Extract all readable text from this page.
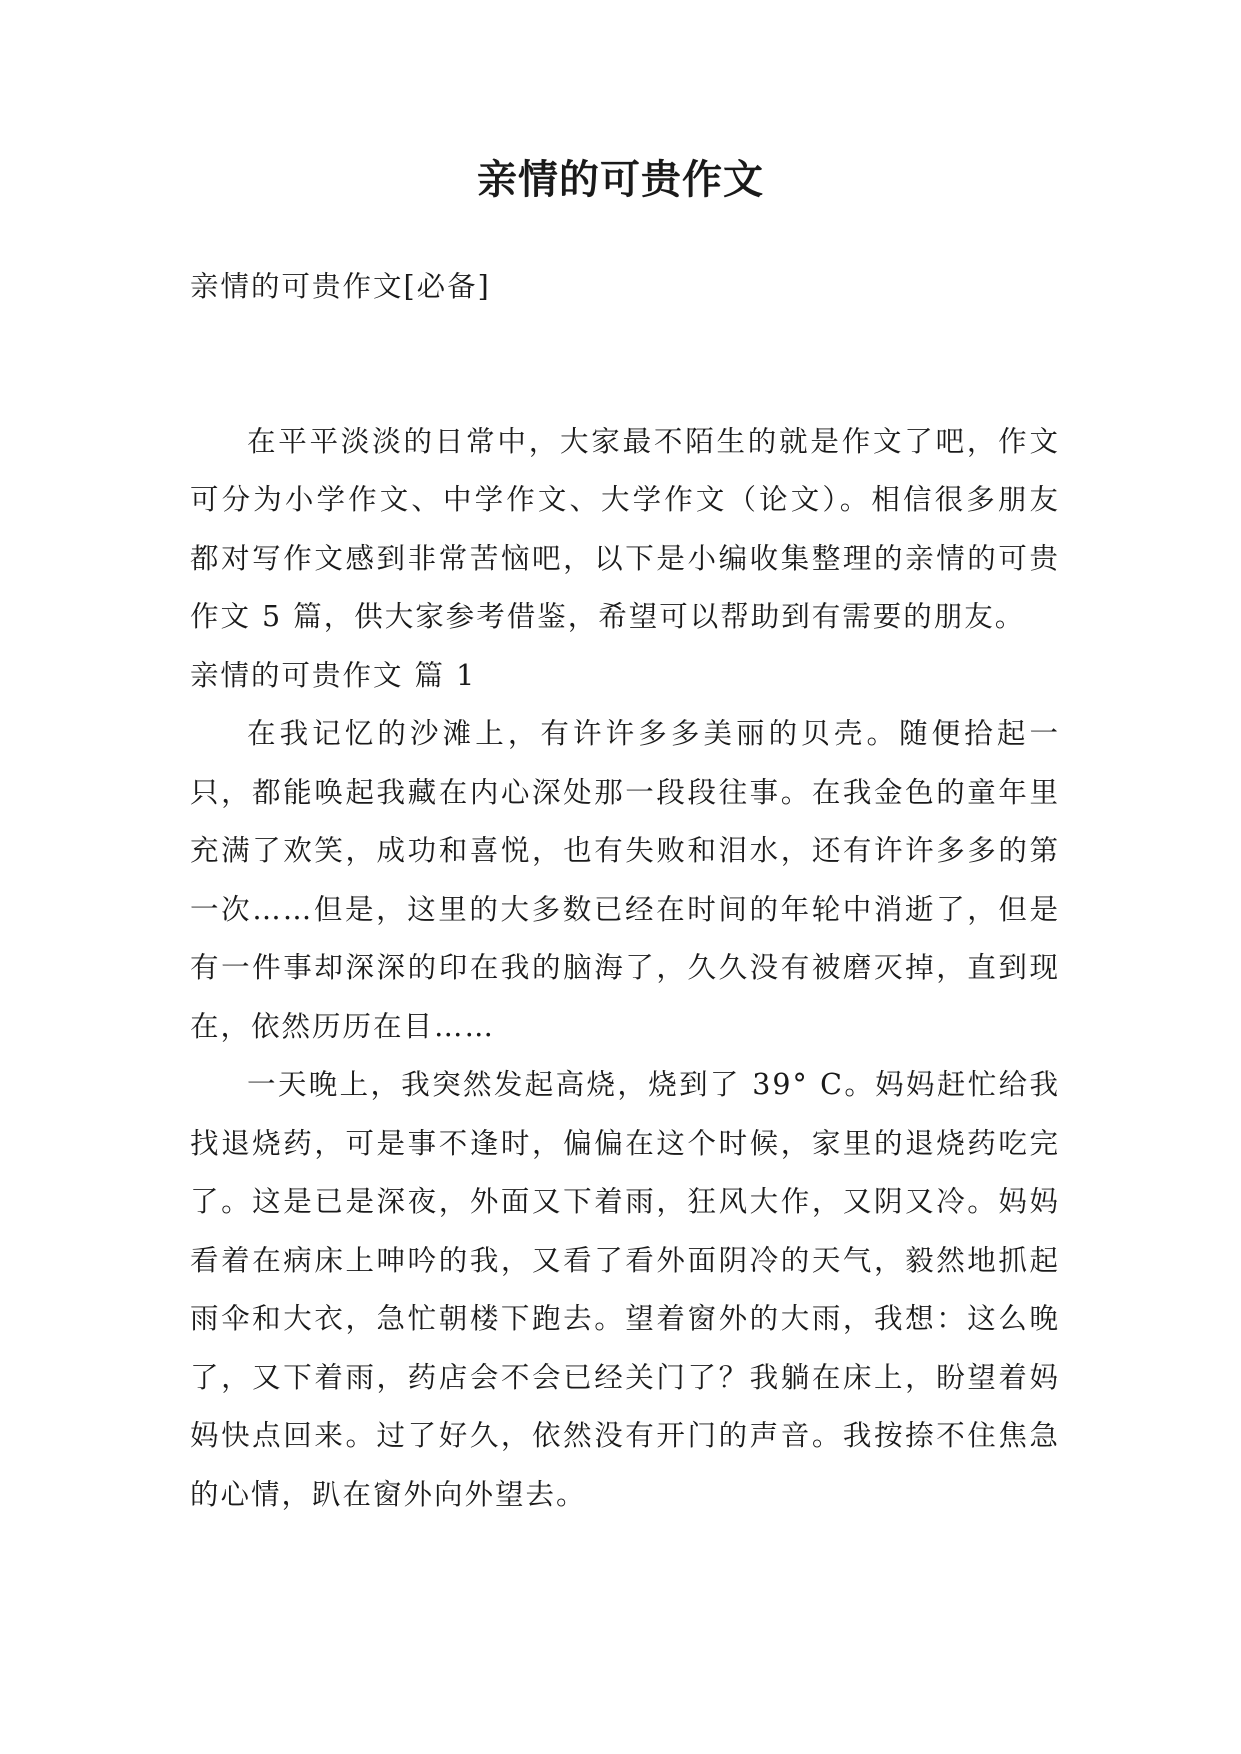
亲情的可贵作文

亲情的可贵作文[必备]

在平平淡淡的日常中，大家最不陌生的就是作文了吧，作文可分为小学作文、中学作文、大学作文（论文）。相信很多朋友都对写作文感到非常苦恼吧，以下是小编收集整理的亲情的可贵作文 5 篇，供大家参考借鉴，希望可以帮助到有需要的朋友。

亲情的可贵作文 篇 1

在我记忆的沙滩上，有许许多多美丽的贝壳。随便拾起一只，都能唤起我藏在内心深处那一段段往事。在我金色的童年里充满了欢笑，成功和喜悦，也有失败和泪水，还有许许多多的第一次……但是，这里的大多数已经在时间的年轮中消逝了，但是有一件事却深深的印在我的脑海了，久久没有被磨灭掉，直到现在，依然历历在目……

一天晚上，我突然发起高烧，烧到了 39° C。妈妈赶忙给我找退烧药，可是事不逢时，偏偏在这个时候，家里的退烧药吃完了。这是已是深夜，外面又下着雨，狂风大作，又阴又冷。妈妈看着在病床上呻吟的我，又看了看外面阴冷的天气，毅然地抓起雨伞和大衣，急忙朝楼下跑去。望着窗外的大雨，我想：这么晚了，又下着雨，药店会不会已经关门了？我躺在床上，盼望着妈妈快点回来。过了好久，依然没有开门的声音。我按捺不住焦急的心情，趴在窗外向外望去。
